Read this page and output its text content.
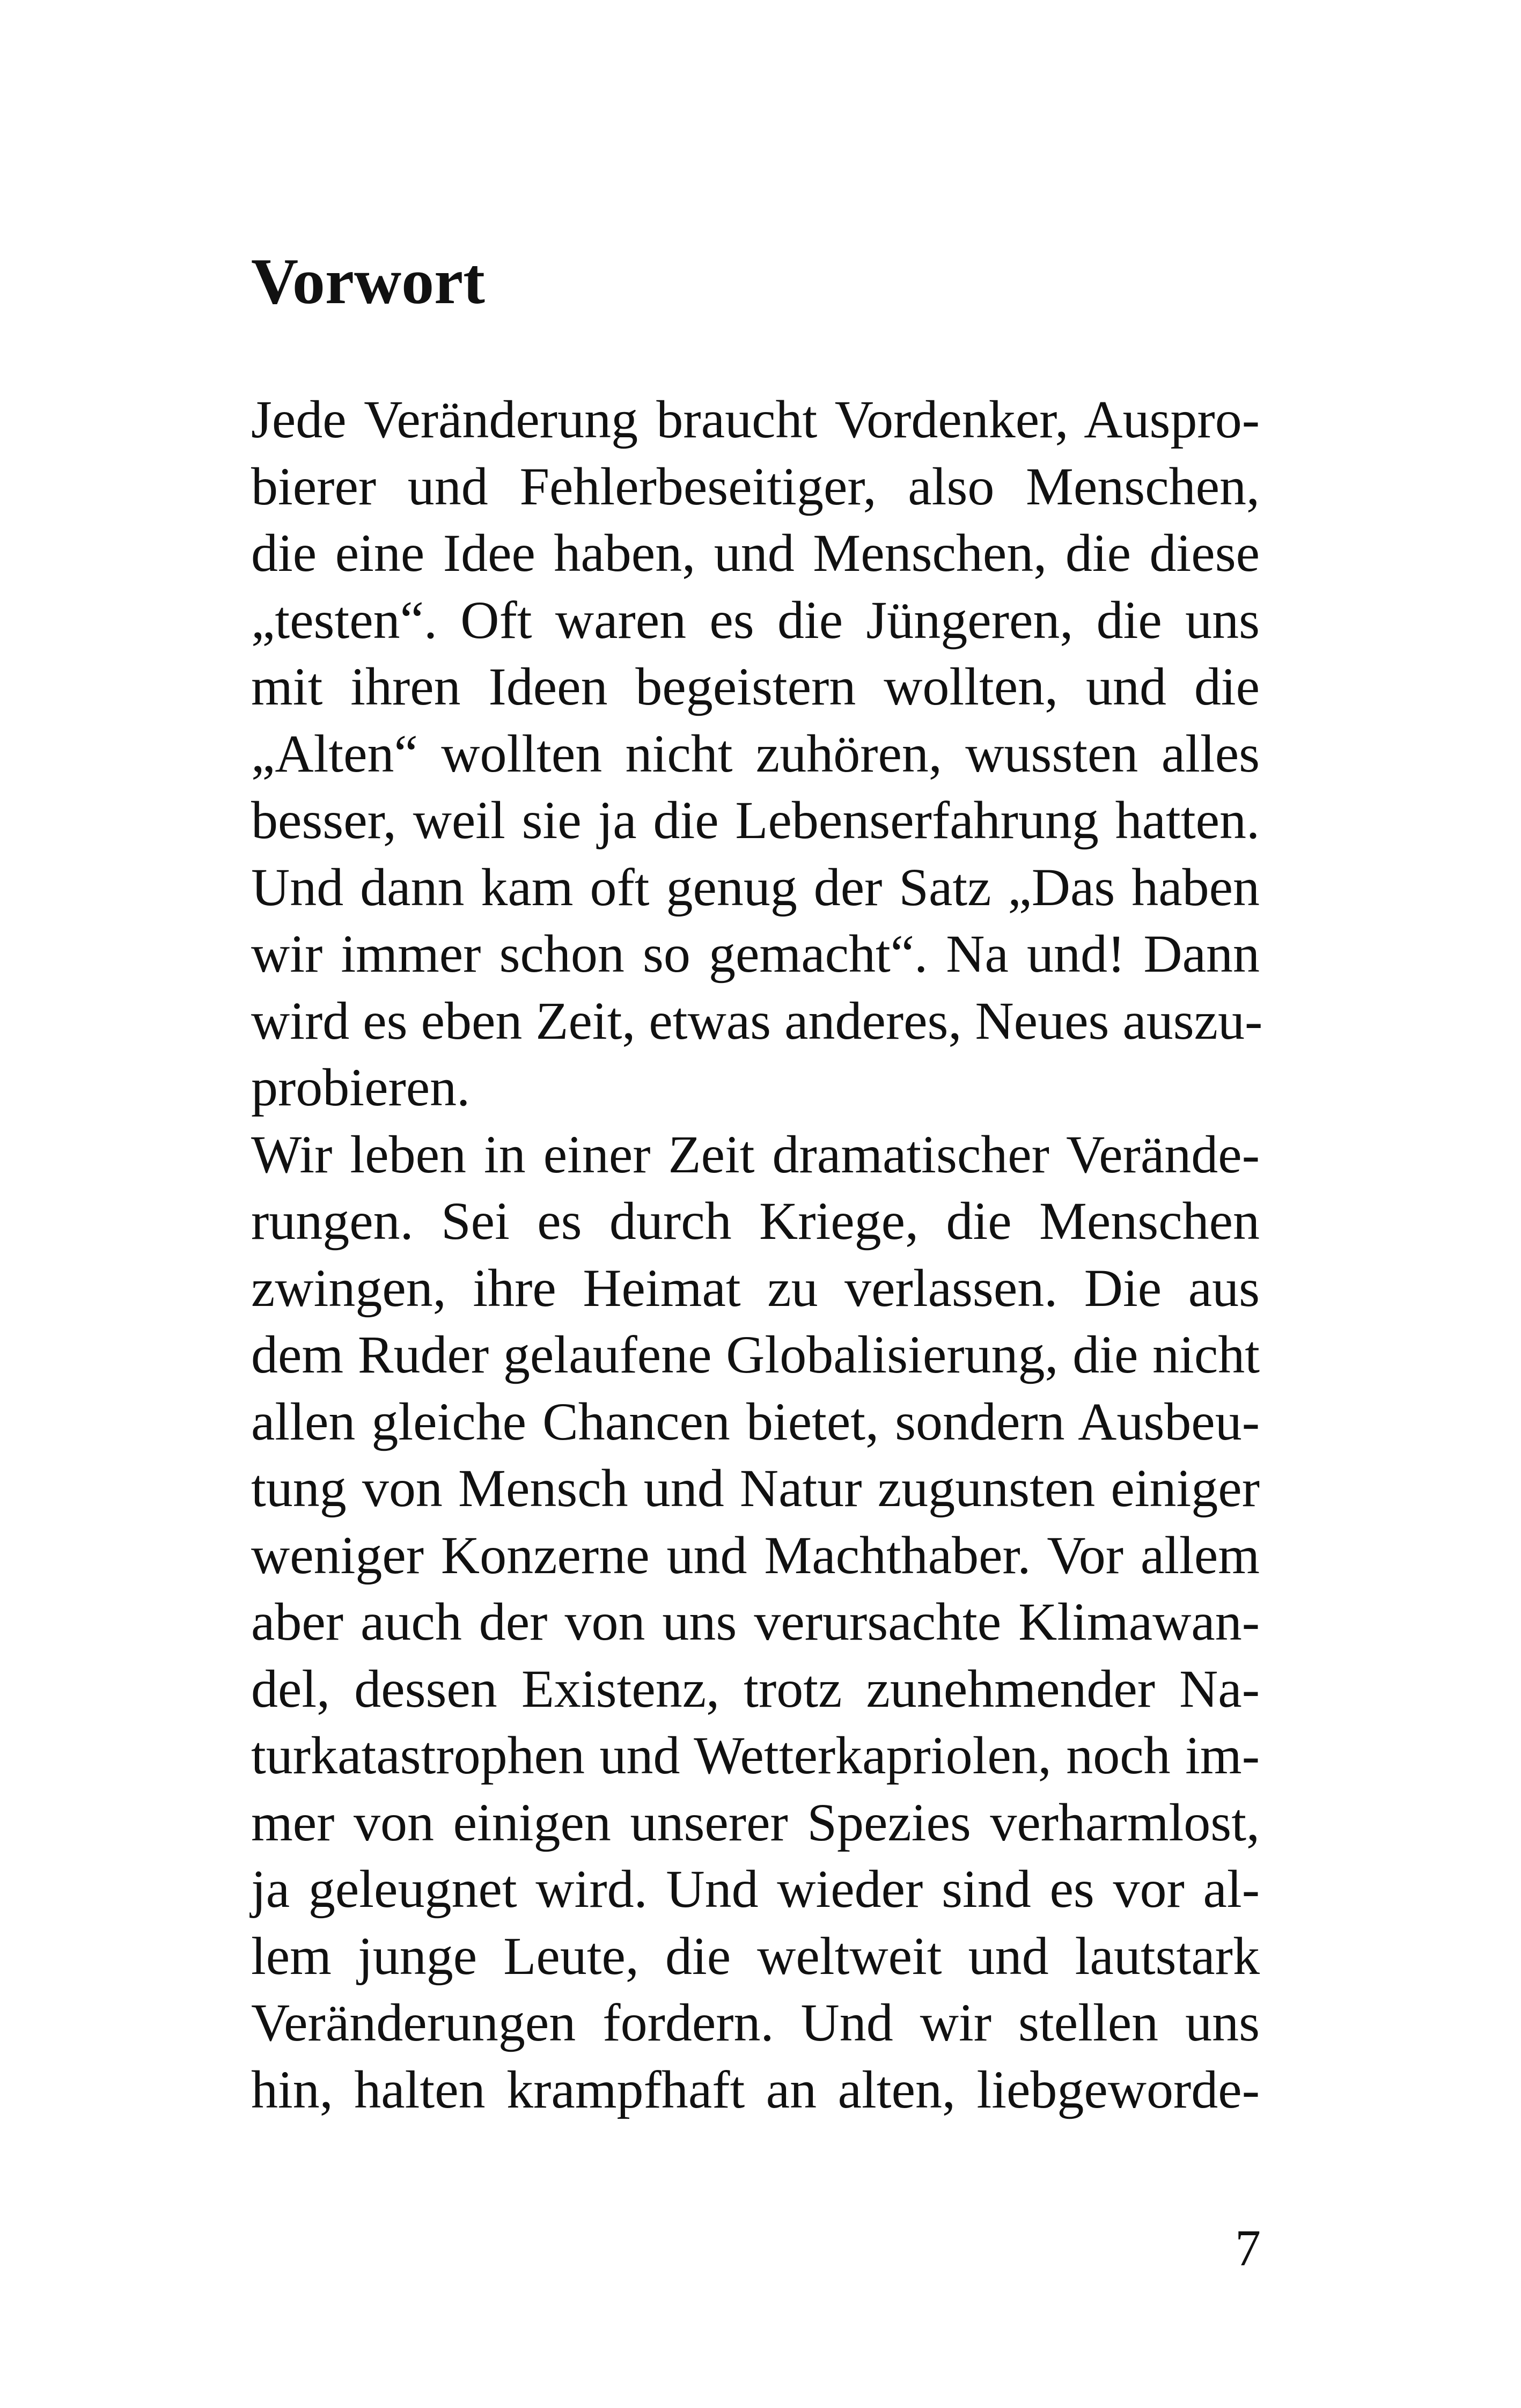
Vorwort
Jede Veränderung braucht Vordenker, Auspro-
bierer und Fehlerbeseitiger, also Menschen,
die eine Idee haben, und Menschen, die diese
„testen“. Oft waren es die Jüngeren, die uns
mit ihren Ideen begeistern wollten, und die
„Alten“ wollten nicht zuhören, wussten alles
besser, weil sie ja die Lebenserfahrung hatten.
Und dann kam oft genug der Satz „Das haben
wir immer schon so gemacht“. Na und! Dann
wird es eben Zeit, etwas anderes, Neues auszu-
probieren.
Wir leben in einer Zeit dramatischer Verände-
rungen. Sei es durch Kriege, die Menschen
zwingen, ihre Heimat zu verlassen. Die aus
dem Ruder gelaufene Globalisierung, die nicht
allen gleiche Chancen bietet, sondern Ausbeu-
tung von Mensch und Natur zugunsten einiger
weniger Konzerne und Machthaber. Vor allem
aber auch der von uns verursachte Klimawan-
del, dessen Existenz, trotz zunehmender Na-
turkatastrophen und Wetterkapriolen, noch im-
mer von einigen unserer Spezies verharmlost,
ja geleugnet wird. Und wieder sind es vor al-
lem junge Leute, die weltweit und lautstark
Veränderungen fordern. Und wir stellen uns
hin, halten krampfhaft an alten, liebgeworde-
7
